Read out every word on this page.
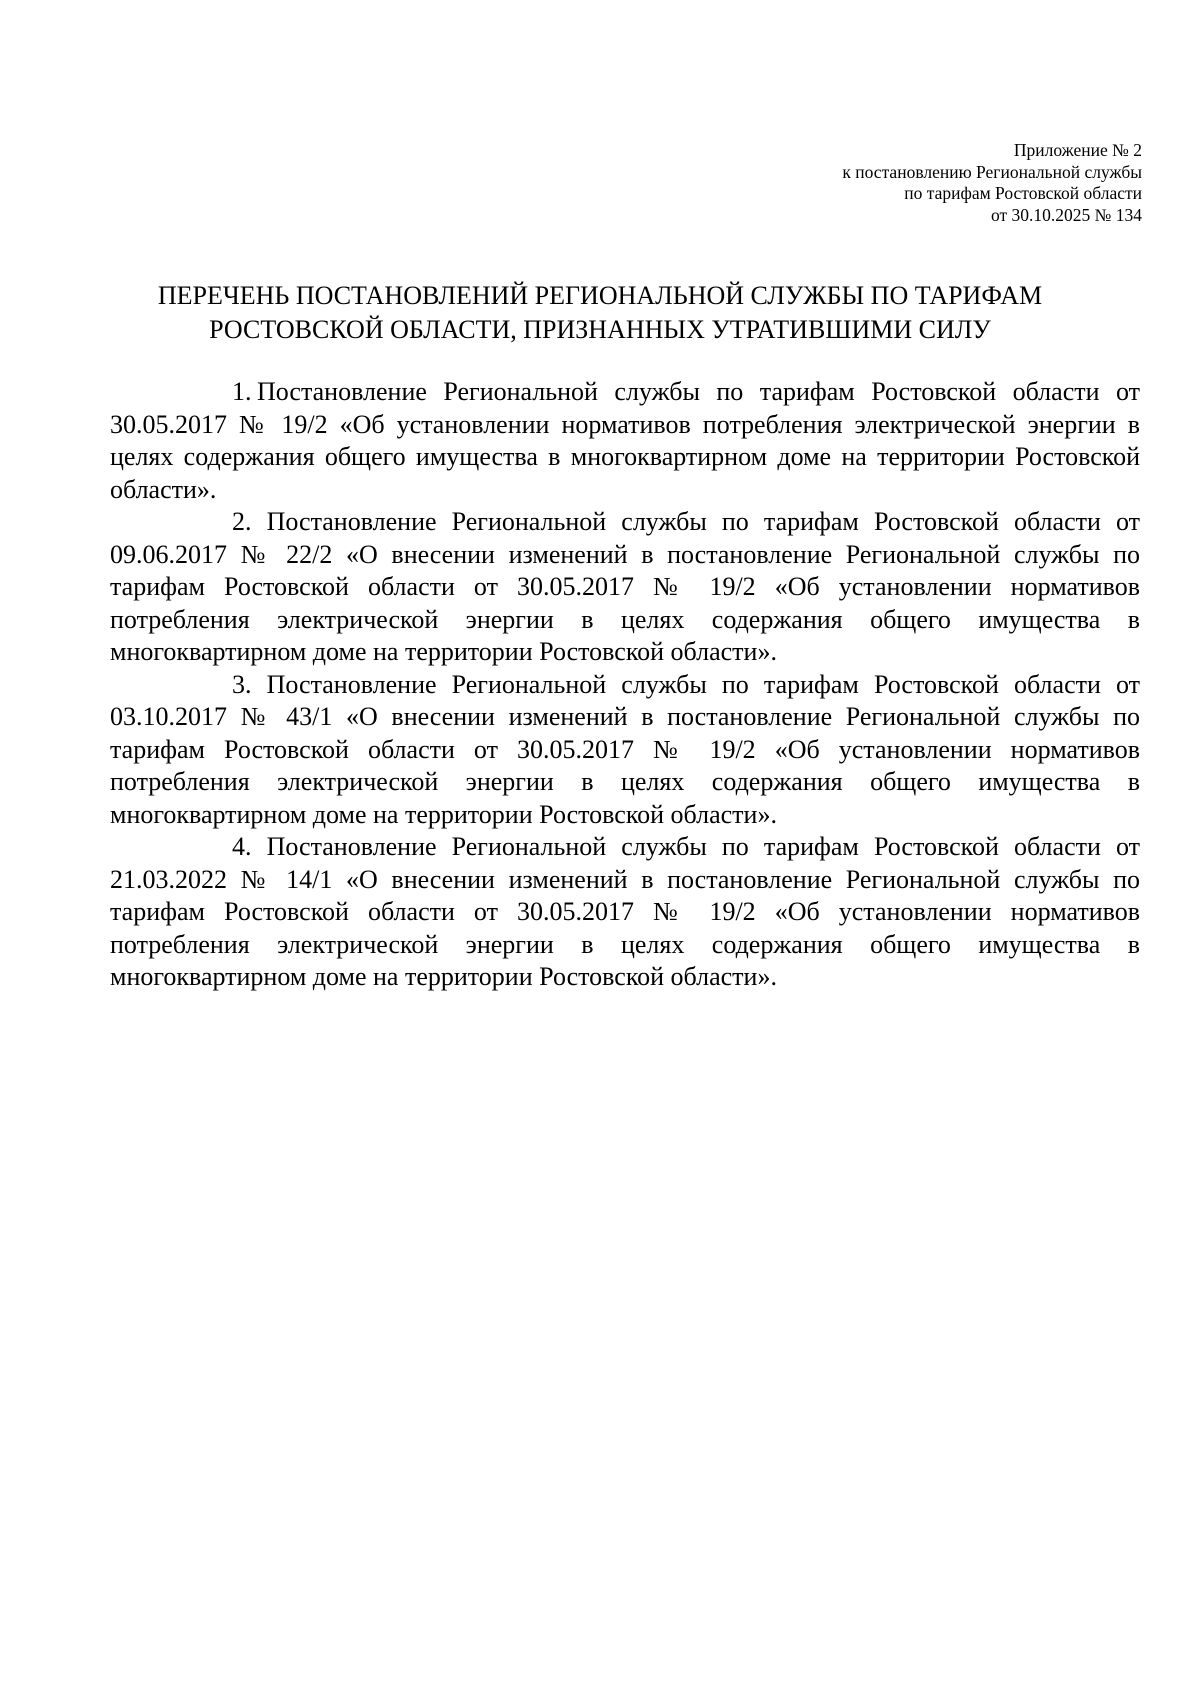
Приложение № 2
к постановлению Региональной службы
по тарифам Ростовской области
от 30.10.2025 № 134
ПЕРЕЧЕНЬ ПОСТАНОВЛЕНИЙ РЕГИОНАЛЬНОЙ СЛУЖБЫ ПО ТАРИФАМ
РОСТОВСКОЙ ОБЛАСТИ, ПРИЗНАННЫХ УТРАТИВШИМИ СИЛУ

1. Постановление Региональной службы по тарифам Ростовской области от 30.05.2017 № 19/2 «Об установлении нормативов потребления электрической энергии в целях содержания общего имущества в многоквартирном доме на территории Ростовской области».

2. Постановление Региональной службы по тарифам Ростовской области от 09.06.2017 № 22/2 «О внесении изменений в постановление Региональной службы по тарифам Ростовской области от 30.05.2017 № 19/2 «Об установлении нормативов потребления электрической энергии в целях содержания общего имущества в многоквартирном доме на территории Ростовской области».

3. Постановление Региональной службы по тарифам Ростовской области от 03.10.2017 № 43/1 «О внесении изменений в постановление Региональной службы по тарифам Ростовской области от 30.05.2017 № 19/2 «Об установлении нормативов потребления электрической энергии в целях содержания общего имущества в многоквартирном доме на территории Ростовской области».

4. Постановление Региональной службы по тарифам Ростовской области от 21.03.2022 № 14/1 «О внесении изменений в постановление Региональной службы по тарифам Ростовской области от 30.05.2017 № 19/2 «Об установлении нормативов потребления электрической энергии в целях содержания общего имущества в многоквартирном доме на территории Ростовской области».
